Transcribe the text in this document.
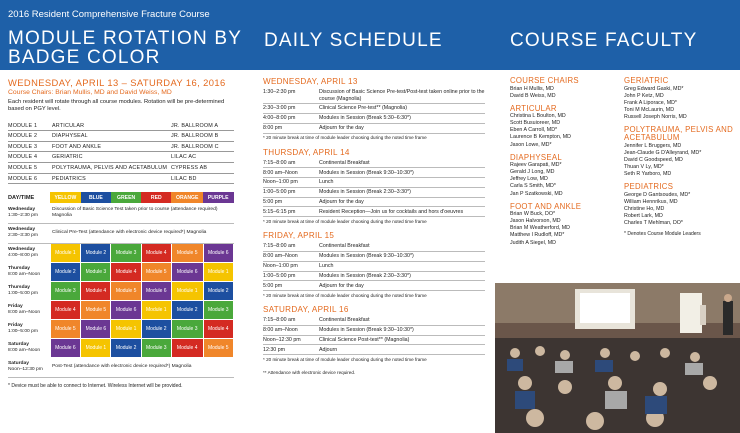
2016 Resident Comprehensive Fracture Course
MODULE ROTATION BY
BADGE COLOR
DAILY SCHEDULE	COURSE FACULTY
WEDNESDAY, APRIL 13 – SATURDAY 16, 2016
Course Chairs: Brian Mullis, MD and David Weiss, MD
Each resident will rotate through all course modules. Rotation will be pre-determined based on PGY level.
MODULE 1	ARTICULAR	JR. BALLROOM A
MODULE 2	DIAPHYSEAL	JR. BALLROOM B
MODULE 3	FOOT AND ANKLE	JR. BALLROOM C
MODULE 4	GERIATRIC	LILAC AC
MODULE 5	POLYTRAUMA, PELVIS AND ACETABULUM CYPRESS AB
MODULE 6	PEDIATRICS	LILAC BD
DAY/TIME	YELLOW	BLUE	GREEN	RED	ORANGE	PURPLE

Wednesday
1:30–2:30 pm	Discussion of Basic Science Test taken prior to course (attendance required) Magnolia					

Wednesday
2:30–3:30 pm	Clinical Pre-Test (attendance with electronic device required*) Magnolia					

Wednesday
4:00–8:00 pm	Module 1	Module 2	Module 3	Module 4	Module 5	Module 6

Thursday
8:00 am–Noon	Module 2	Module 3	Module 4	Module 5	Module 6	Module 1

Thursday
1:00–5:00 pm	Module 3	Module 4	Module 5	Module 6	Module 1	Module 2

Friday
8:00 am–Noon	Module 4	Module 5	Module 6	Module 1	Module 2	Module 3

Friday
1:00–5:00 pm	Module 5	Module 6	Module 1	Module 2	Module 3	Module 4

Saturday
8:00 am–Noon	Module 6	Module 1	Module 2	Module 3	Module 4	Module 5

Saturday
Noon–12:30 pm	Post-Test (attendance with electronic device required*) Magnolia					
* Device must be able to connect to Internet. Wireless Internet will be provided.
WEDNESDAY, APRIL 13
1:30–2:30 pm	Discussion of Basic Science Pre-test/Post-test taken online prior to the course (Magnolia)
2:30–3:00 pm	Clinical Science Pre-test** (Magnolia)
4:00–8:00 pm	Modules in Session (Break 5:30–6:30*)
8:00 pm	Adjourn for the day
* 20 minute break at time of module leader choosing during the noted time frame
THURSDAY, APRIL 14
7:15–8:00 am	Continental Breakfast
8:00 am–Noon	Modules in Session (Break 9:30–10:30*)
Noon–1:00 pm	Lunch
1:00–5:00 pm	Modules in Session (Break 2:30–3:30*)
5:00 pm	Adjourn for the day
5:15–6:15 pm	Resident Reception—Join us for cocktails and hors d'oeuvres
* 20 minute break at time of module leader choosing during the noted time frame
FRIDAY, APRIL 15
7:15–8:00 am	Continental Breakfast
8:00 am–Noon	Modules in Session (Break 9:30–10:30*)
Noon–1:00 pm	Lunch
1:00–5:00 pm	Modules in Session (Break 2:30–3:30*)
5:00 pm	Adjourn for the day
* 20 minute break at time of module leader choosing during the noted time frame
SATURDAY, APRIL 16
7:15–8:00 am	Continental Breakfast
8:00 am–Noon	Modules in Session (Break 9:30–10:30*)
Noon–12:30 pm	Clinical Science Post-test** (Magnolia)
12:30 pm	Adjourn
* 20 minute break at time of module leader choosing during the noted time frame
** Attendance with electronic device required.
COURSE CHAIRS
Brian H Mullis, MD
David B Weiss, MD
ARTICULAR
Christina L Boulton, MD
Scott Busuioreer, MD
Eben A Carroll, MD*
Laurence B Kempton, MD
Jason Lowe, MD*
DIAPHYSEAL
Rajeev Garapati, MD*
Gerald J Long, MD
Jeffrey Low, MD
Carla S Smith, MD*
Jan P Szatkowski, MD
FOOT AND ANKLE
Brian W Buck, DO*
Jason Halvorson, MD
Brian M Weatherford, MD
Matthew I Rudloff, MD*
Judith A Siegel, MD
GERIATRIC
Greg Edward Gaski, MD*
John P Ketz, MD
Frank A Liporace, MD*
Toni M McLaurin, MD
Russell Joseph Norris, MD
POLYTRAUMA, PELVIS AND ACETABULUM
Jennifer L Bruggers, MD
Jean-Claude G D'Alleyrand, MD*
David C Goodspeed, MD
Thuan V Ly, MD*
Seth R Yarboro, MD
PEDIATRICS
George D Gantsoudes, MD*
William Hennrikus, MD
Christine Ho, MD
Robert Lark, MD
Charles T Mehlman, DO*
* Denotes Course Module Leaders
